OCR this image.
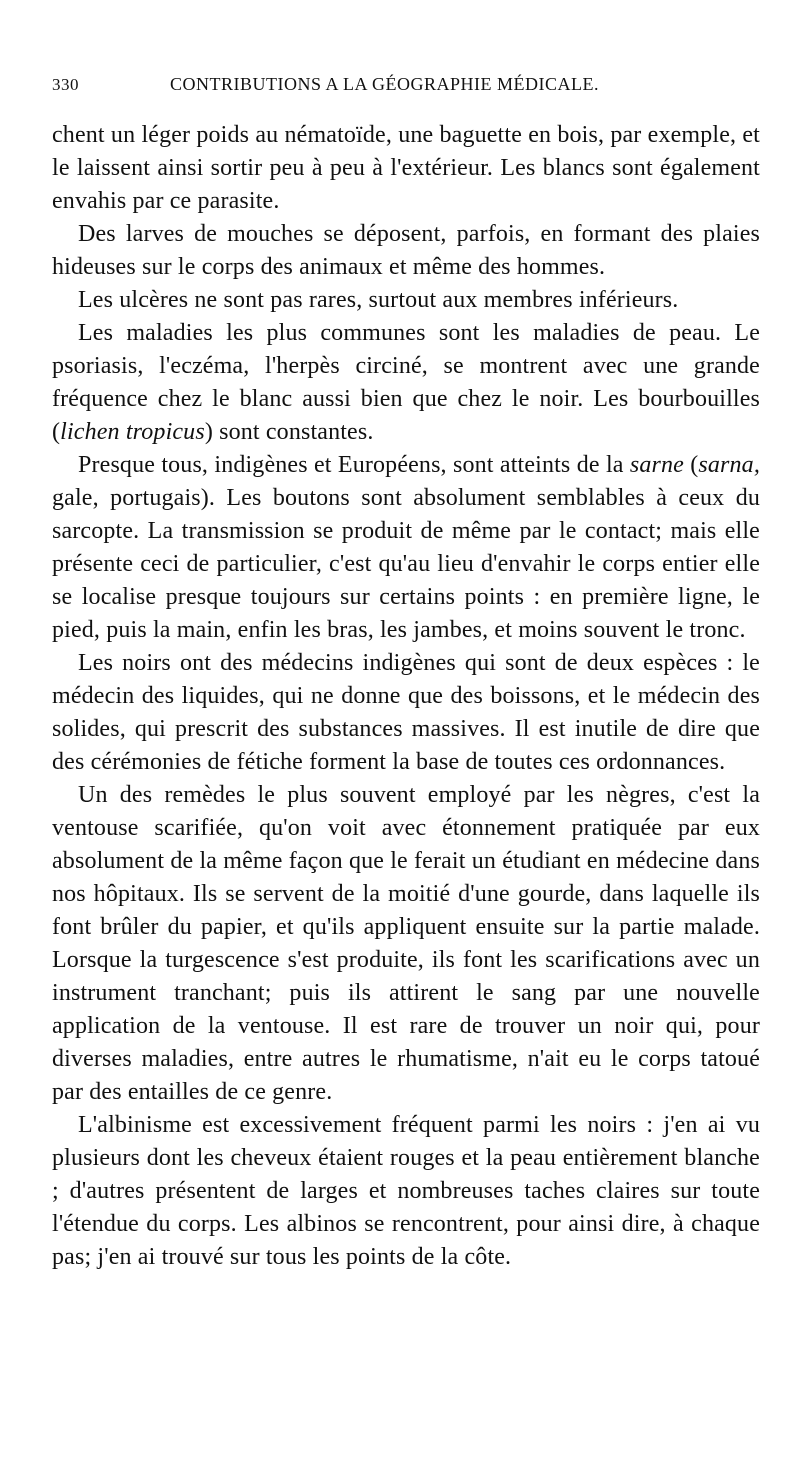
330	CONTRIBUTIONS A LA GÉOGRAPHIE MÉDICALE.

chent un léger poids au nématoïde, une baguette en bois, par exemple, et le laissent ainsi sortir peu à peu à l'extérieur. Les blancs sont également envahis par ce parasite.

Des larves de mouches se déposent, parfois, en formant des plaies hideuses sur le corps des animaux et même des hommes.

Les ulcères ne sont pas rares, surtout aux membres inférieurs.

Les maladies les plus communes sont les maladies de peau. Le psoriasis, l'eczéma, l'herpès circiné, se montrent avec une grande fréquence chez le blanc aussi bien que chez le noir. Les bourbouilles (lichen tropicus) sont constantes.

Presque tous, indigènes et Européens, sont atteints de la sarne (sarna, gale, portugais). Les boutons sont absolument semblables à ceux du sarcopte. La transmission se produit de même par le contact; mais elle présente ceci de particulier, c'est qu'au lieu d'envahir le corps entier elle se localise presque toujours sur certains points : en première ligne, le pied, puis la main, enfin les bras, les jambes, et moins souvent le tronc.

Les noirs ont des médecins indigènes qui sont de deux espèces : le médecin des liquides, qui ne donne que des boissons, et le médecin des solides, qui prescrit des substances massives. Il est inutile de dire que des cérémonies de fétiche forment la base de toutes ces ordonnances.

Un des remèdes le plus souvent employé par les nègres, c'est la ventouse scarifiée, qu'on voit avec étonnement pratiquée par eux absolument de la même façon que le ferait un étudiant en médecine dans nos hôpitaux. Ils se servent de la moitié d'une gourde, dans laquelle ils font brûler du papier, et qu'ils appliquent ensuite sur la partie malade. Lorsque la turgescence s'est produite, ils font les scarifications avec un instrument tranchant; puis ils attirent le sang par une nouvelle application de la ventouse. Il est rare de trouver un noir qui, pour diverses maladies, entre autres le rhumatisme, n'ait eu le corps tatoué par des entailles de ce genre.

L'albinisme est excessivement fréquent parmi les noirs : j'en ai vu plusieurs dont les cheveux étaient rouges et la peau entièrement blanche ; d'autres présentent de larges et nombreuses taches claires sur toute l'étendue du corps. Les albinos se rencontrent, pour ainsi dire, à chaque pas; j'en ai trouvé sur tous les points de la côte.
